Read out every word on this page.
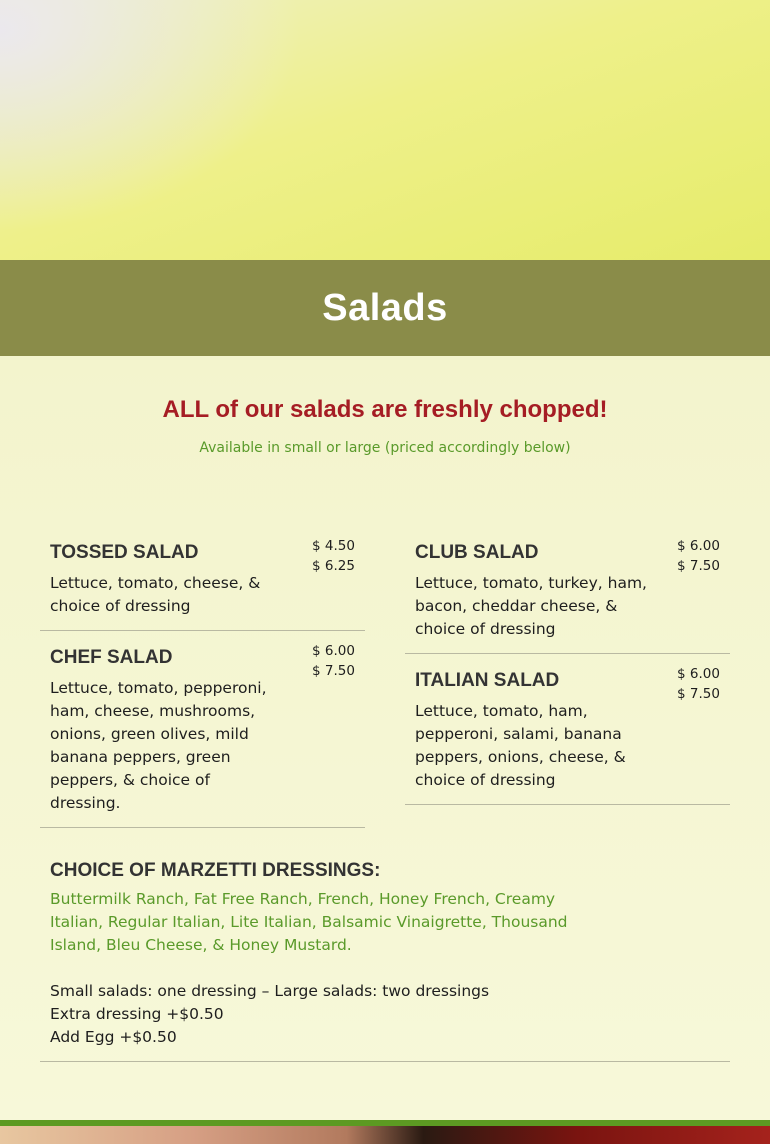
Salads
ALL of our salads are freshly chopped!
Available in small or large (priced accordingly below)
TOSSED SALAD
Lettuce, tomato, cheese, & choice of dressing
$ 4.50
$ 6.25
CHEF SALAD
Lettuce, tomato, pepperoni, ham, cheese, mushrooms, onions, green olives, mild banana peppers, green peppers, & choice of dressing.
$ 6.00
$ 7.50
CLUB SALAD
Lettuce, tomato, turkey, ham, bacon, cheddar cheese, & choice of dressing
$ 6.00
$ 7.50
ITALIAN SALAD
Lettuce, tomato, ham, pepperoni, salami, banana peppers, onions, cheese, & choice of dressing
$ 6.00
$ 7.50
CHOICE OF MARZETTI DRESSINGS:
Buttermilk Ranch, Fat Free Ranch, French, Honey French, Creamy Italian, Regular Italian, Lite Italian, Balsamic Vinaigrette, Thousand Island, Bleu Cheese, & Honey Mustard.
Small salads: one dressing – Large salads: two dressings
Extra dressing +$0.50
Add Egg +$0.50
